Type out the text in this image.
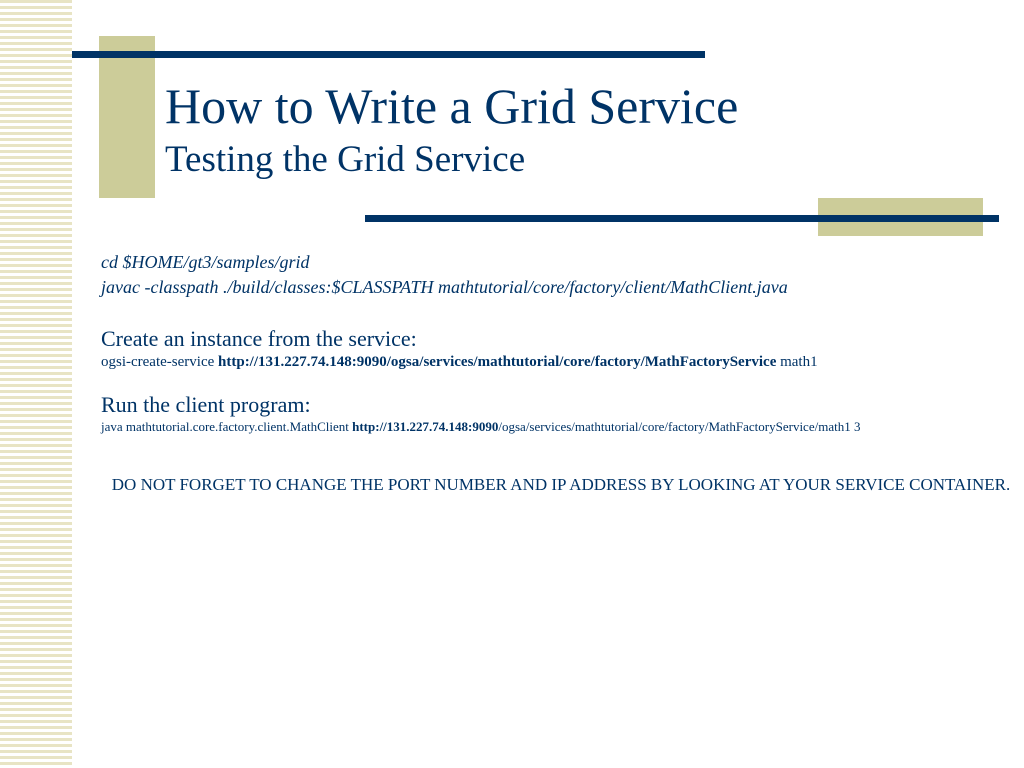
How to Write a Grid Service
Testing the Grid Service
cd $HOME/gt3/samples/grid
javac -classpath ./build/classes:$CLASSPATH mathtutorial/core/factory/client/MathClient.java
Create an instance from the service:
ogsi-create-service http://131.227.74.148:9090/ogsa/services/mathtutorial/core/factory/MathFactoryService math1
Run the client program:
java mathtutorial.core.factory.client.MathClient http://131.227.74.148:9090/ogsa/services/mathtutorial/core/factory/MathFactoryService/math1 3
DO NOT FORGET TO CHANGE THE PORT NUMBER AND IP ADDRESS BY LOOKING AT YOUR SERVICE CONTAINER.
